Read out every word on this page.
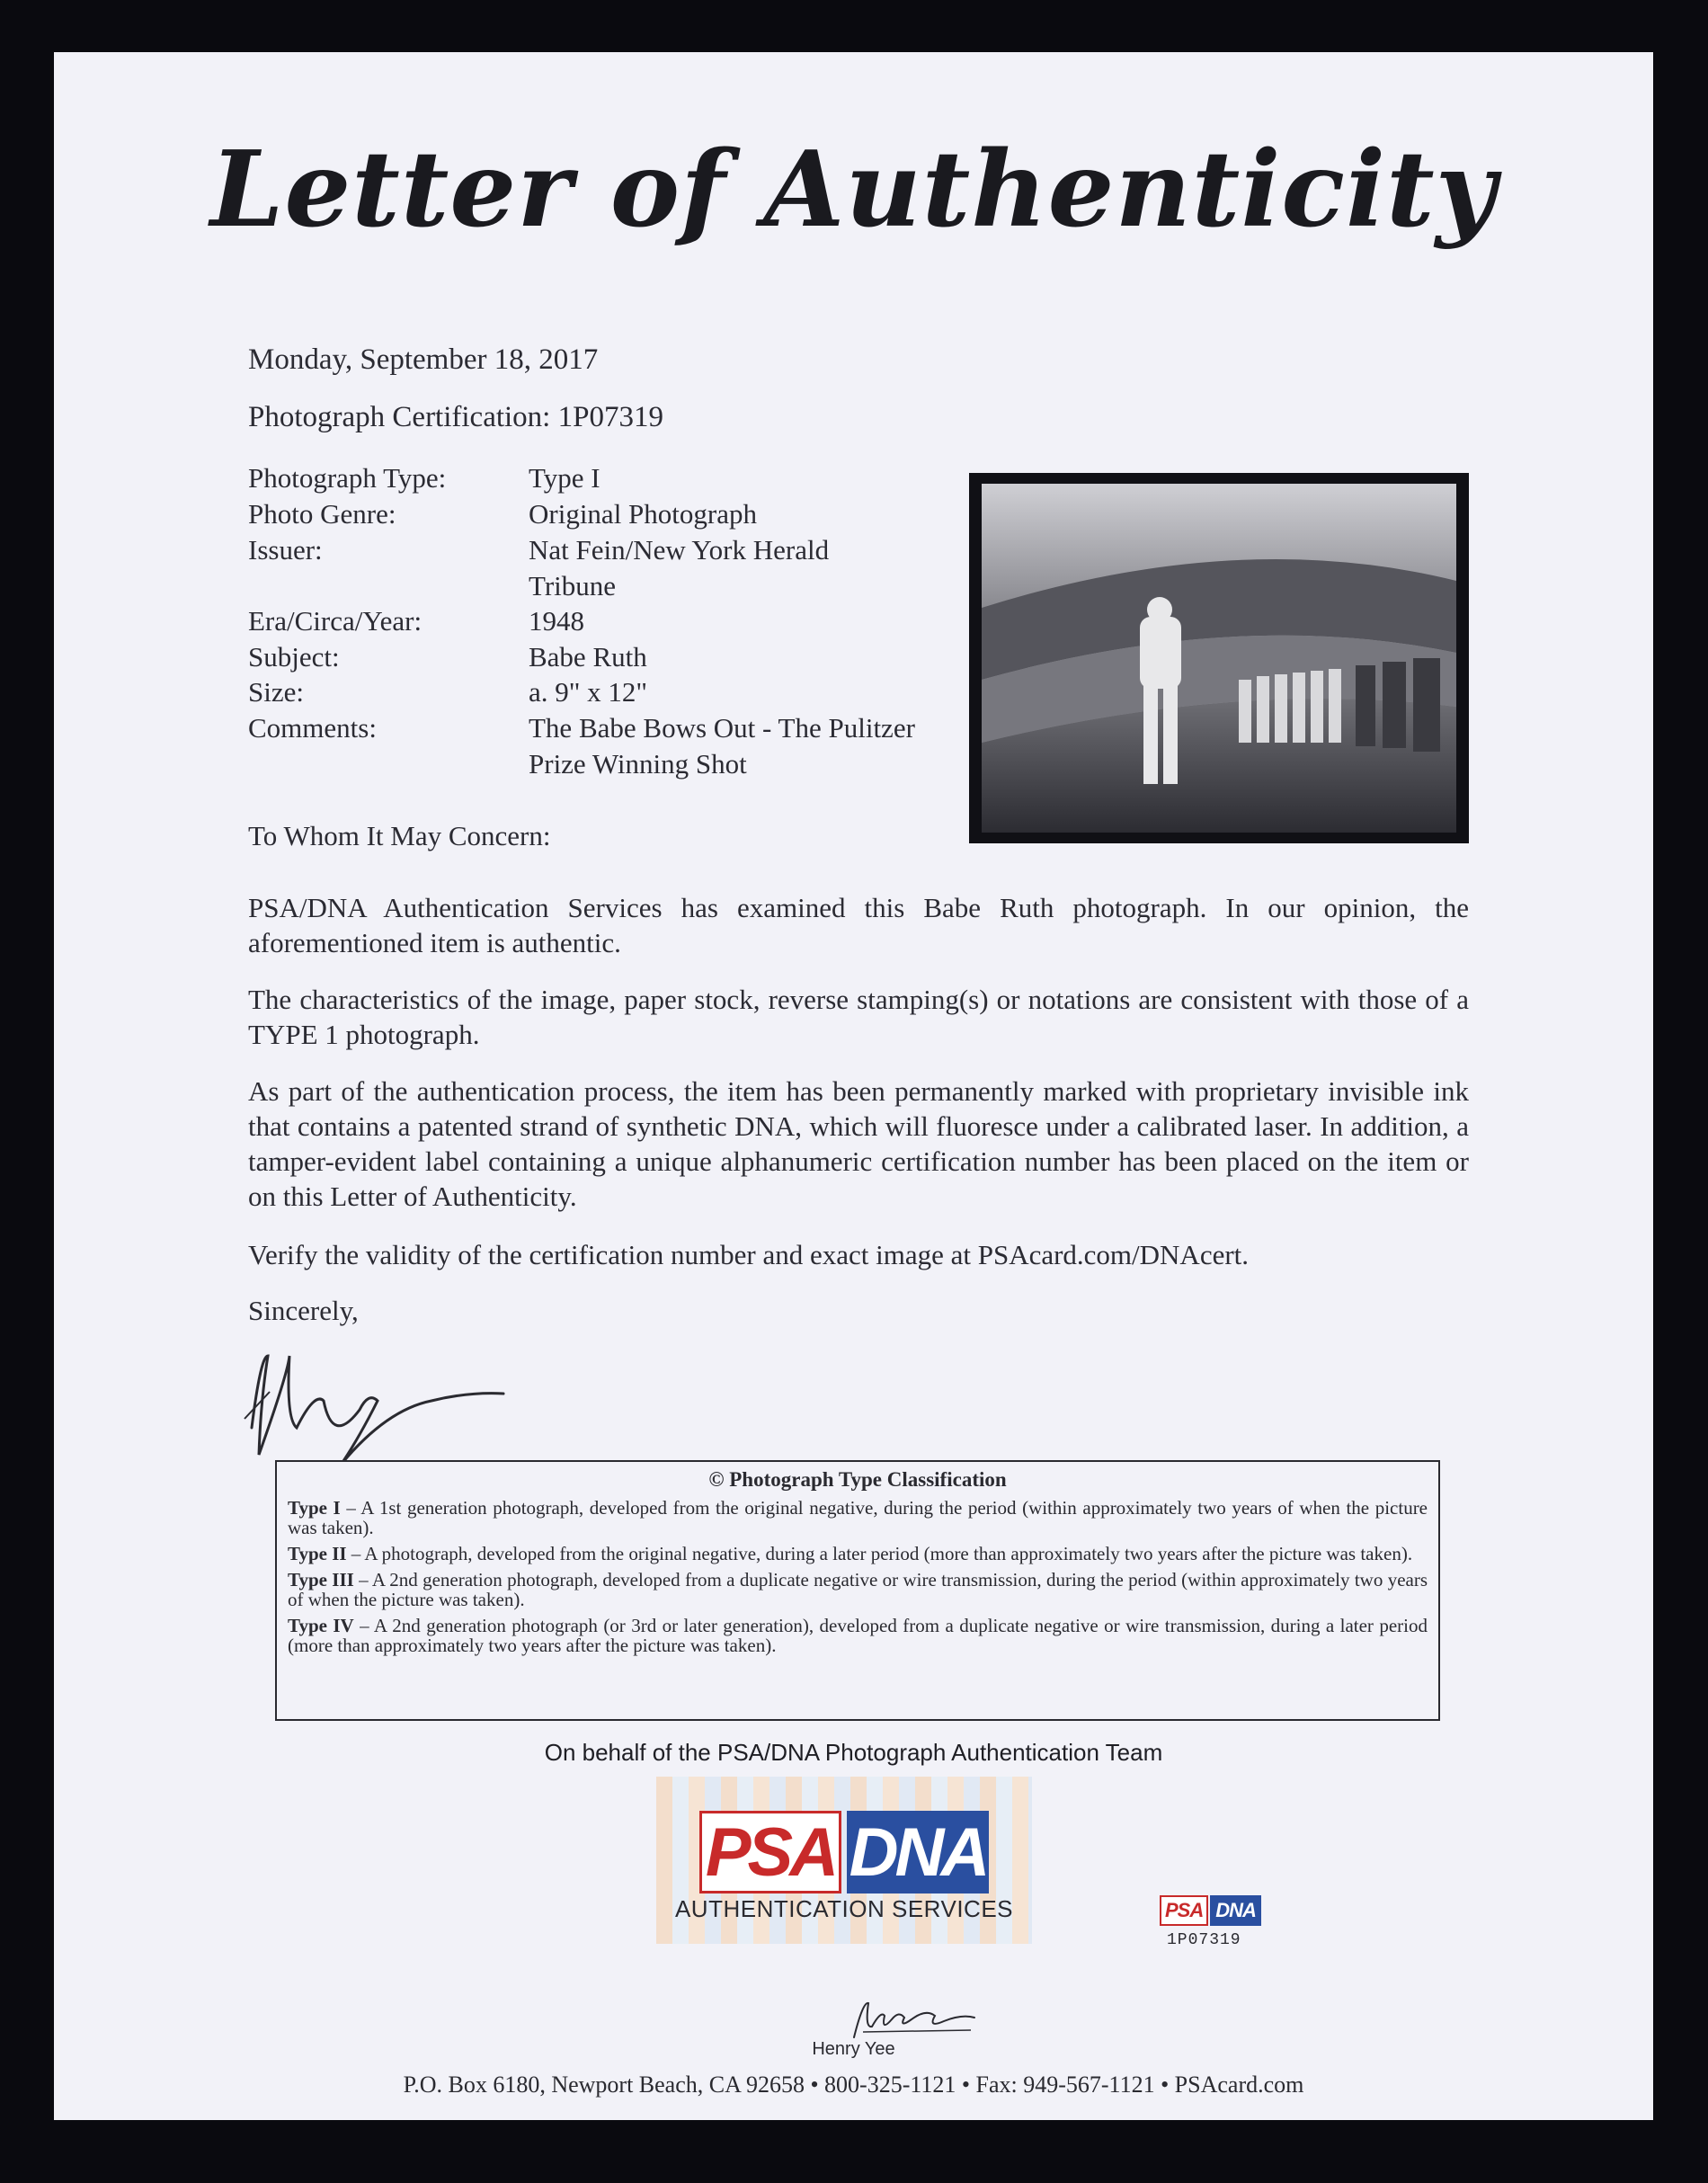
Letter of Authenticity
Monday, September 18, 2017
Photograph Certification: 1P07319
Photograph Type:	Type I
Photo Genre:	Original Photograph
Issuer:	Nat Fein/New York Herald Tribune
Era/Circa/Year:	1948
Subject:	Babe Ruth
Size:	a. 9" x 12"
Comments:	The Babe Bows Out - The Pulitzer Prize Winning Shot
To Whom It May Concern:
PSA/DNA Authentication Services has examined this Babe Ruth photograph. In our opinion, the aforementioned item is authentic.
The characteristics of the image, paper stock, reverse stamping(s) or notations are consistent with those of a TYPE 1 photograph.
As part of the authentication process, the item has been permanently marked with proprietary invisible ink that contains a patented strand of synthetic DNA, which will fluoresce under a calibrated laser. In addition, a tamper-evident label containing a unique alphanumeric certification number has been placed on the item or on this Letter of Authenticity.
Verify the validity of the certification number and exact image at PSAcard.com/DNAcert.
Sincerely,
© Photograph Type Classification
Type I – A 1st generation photograph, developed from the original negative, during the period (within approximately two years of when the picture was taken).
Type II – A photograph, developed from the original negative, during a later period (more than approximately two years after the picture was taken).
Type III – A 2nd generation photograph, developed from a duplicate negative or wire transmission, during the period (within approximately two years of when the picture was taken).
Type IV – A 2nd generation photograph (or 3rd or later generation), developed from a duplicate negative or wire transmission, during a later period (more than approximately two years after the picture was taken).
On behalf of the PSA/DNA Photograph Authentication Team
PSA DNA
AUTHENTICATION SERVICES	PSA DNA
1P07319
Henry Yee
P.O. Box 6180, Newport Beach, CA 92658 • 800-325-1121 • Fax: 949-567-1121 • PSAcard.com
